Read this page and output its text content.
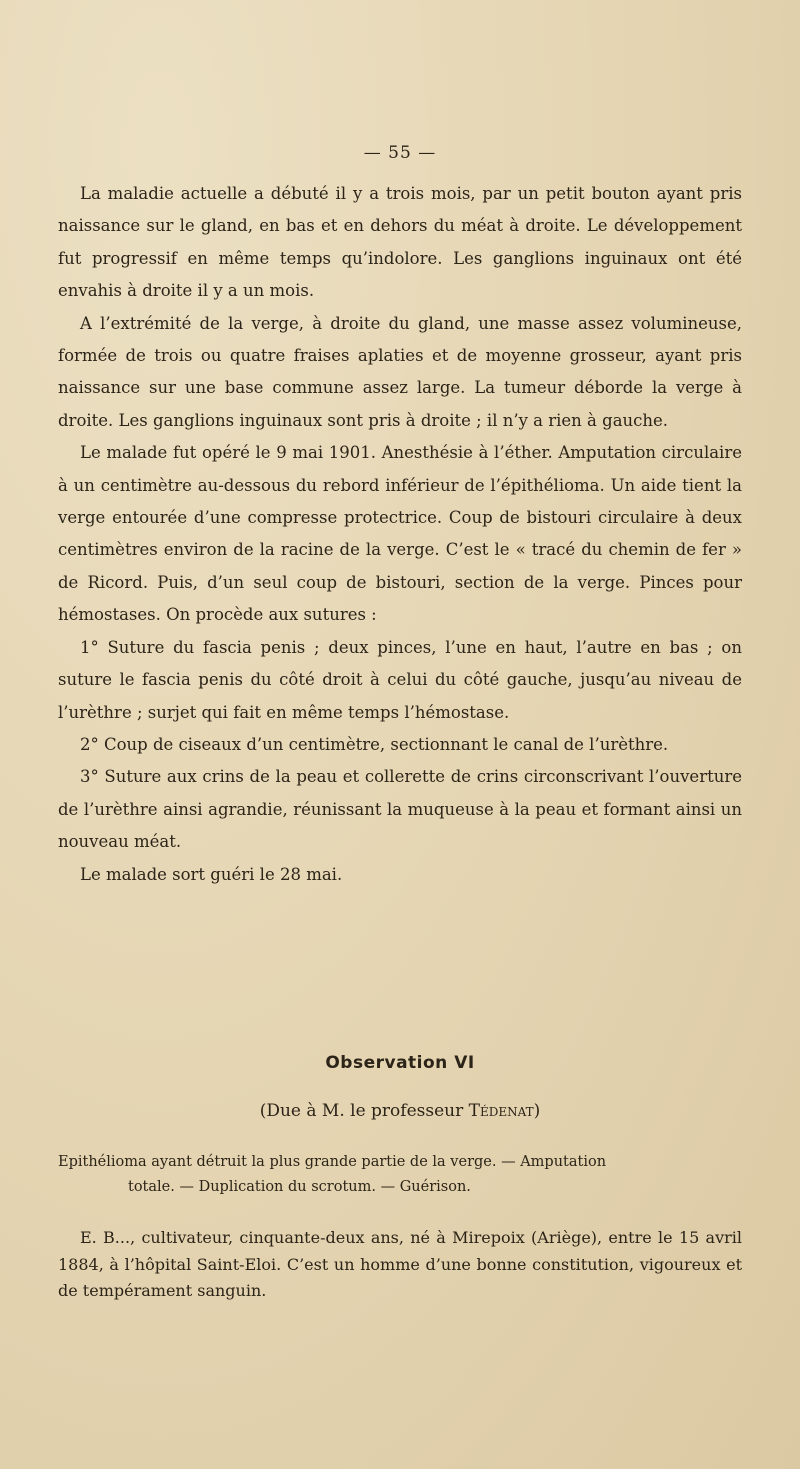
— 55 —

La maladie actuelle a débuté il y a trois mois, par un petit bouton ayant pris naissance sur le gland, en bas et en dehors du méat à droite. Le développement fut progressif en même temps qu’indolore. Les ganglions inguinaux ont été envahis à droite il y a un mois.

A l’extrémité de la verge, à droite du gland, une masse assez volumineuse, formée de trois ou quatre fraises aplaties et de moyenne grosseur, ayant pris naissance sur une base commune assez large. La tumeur déborde la verge à droite. Les ganglions inguinaux sont pris à droite ; il n’y a rien à gauche.

Le malade fut opéré le 9 mai 1901. Anesthésie à l’éther. Amputation circulaire à un centimètre au-dessous du rebord inférieur de l’épithélioma. Un aide tient la verge entourée d’une compresse protectrice. Coup de bistouri circulaire à deux centimètres environ de la racine de la verge. C’est le « tracé du chemin de fer » de Ricord. Puis, d’un seul coup de bistouri, section de la verge. Pinces pour hémostases. On procède aux sutures :

1° Suture du fascia penis ; deux pinces, l’une en haut, l’autre en bas ; on suture le fascia penis du côté droit à celui du côté gauche, jusqu’au niveau de l’urèthre ; surjet qui fait en même temps l’hémostase.

2° Coup de ciseaux d’un centimètre, sectionnant le canal de l’urèthre.

3° Suture aux crins de la peau et collerette de crins circonscrivant l’ouverture de l’urèthre ainsi agrandie, réunissant la muqueuse à la peau et formant ainsi un nouveau méat.

Le malade sort guéri le 28 mai.

Observation VI
(Due à M. le professeur Tédenat)

Epithélioma ayant détruit la plus grande partie de la verge. — Amputation

totale. — Duplication du scrotum. — Guérison.

E. B..., cultivateur, cinquante-deux ans, né à Mirepoix (Ariège), entre le 15 avril 1884, à l’hôpital Saint-Eloi. C’est un homme d’une bonne constitution, vigoureux et de tempérament sanguin.
